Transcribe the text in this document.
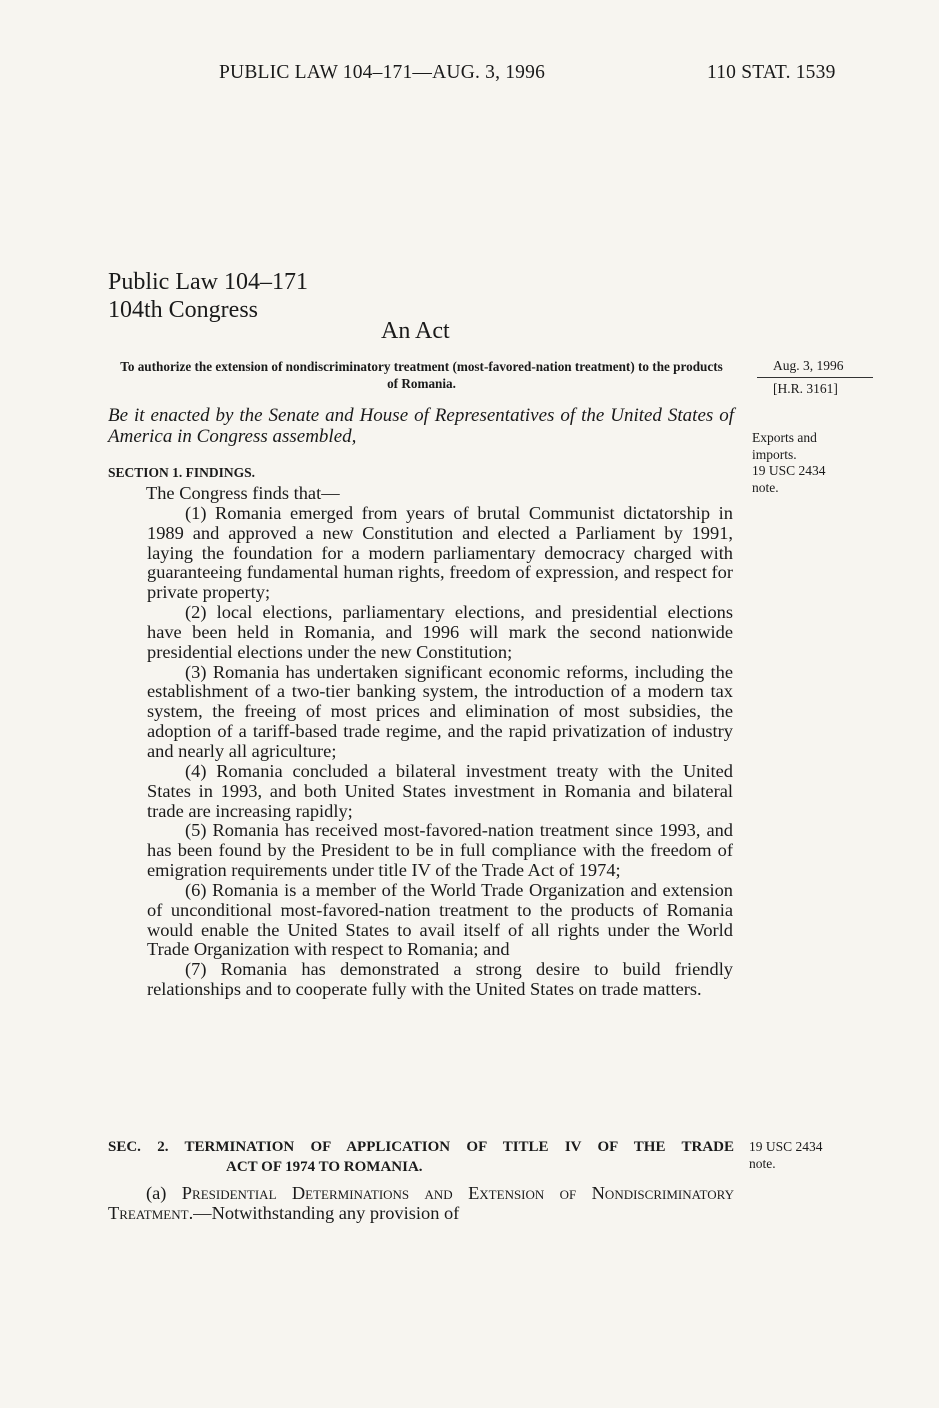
PUBLIC LAW 104–171—AUG. 3, 1996	110 STAT. 1539
Public Law 104–171
104th Congress
An Act
To authorize the extension of nondiscriminatory treatment (most-favored-nation treatment) to the products of Romania.
Aug. 3, 1996
[H.R. 3161]
Exports and imports.
19 USC 2434 note.
19 USC 2434 note.
Be it enacted by the Senate and House of Representatives of the United States of America in Congress assembled,
SECTION 1. FINDINGS.

The Congress finds that—

(1) Romania emerged from years of brutal Communist dictatorship in 1989 and approved a new Constitution and elected a Parliament by 1991, laying the foundation for a modern parliamentary democracy charged with guaranteeing fundamental human rights, freedom of expression, and respect for private property;

(2) local elections, parliamentary elections, and presidential elections have been held in Romania, and 1996 will mark the second nationwide presidential elections under the new Constitution;

(3) Romania has undertaken significant economic reforms, including the establishment of a two-tier banking system, the introduction of a modern tax system, the freeing of most prices and elimination of most subsidies, the adoption of a tariff-based trade regime, and the rapid privatization of industry and nearly all agriculture;

(4) Romania concluded a bilateral investment treaty with the United States in 1993, and both United States investment in Romania and bilateral trade are increasing rapidly;

(5) Romania has received most-favored-nation treatment since 1993, and has been found by the President to be in full compliance with the freedom of emigration requirements under title IV of the Trade Act of 1974;

(6) Romania is a member of the World Trade Organization and extension of unconditional most-favored-nation treatment to the products of Romania would enable the United States to avail itself of all rights under the World Trade Organization with respect to Romania; and

(7) Romania has demonstrated a strong desire to build friendly relationships and to cooperate fully with the United States on trade matters.

SEC. 2. TERMINATION OF APPLICATION OF TITLE IV OF THE TRADE
ACT OF 1974 TO ROMANIA.
(a) Presidential Determinations and Extension of Nondiscriminatory Treatment.—Notwithstanding any provision of
